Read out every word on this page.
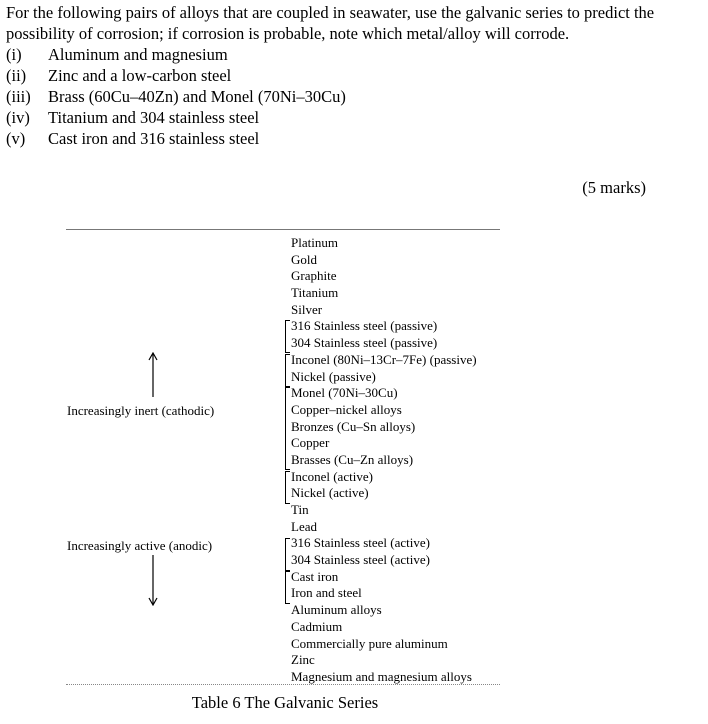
For the following pairs of alloys that are coupled in seawater, use the galvanic series to predict the possibility of corrosion; if corrosion is probable, note which metal/alloy will corrode.

(i) Aluminum and magnesium
(ii) Zinc and a low-carbon steel
(iii) Brass (60Cu–40Zn) and Monel (70Ni–30Cu)
(iv) Titanium and 304 stainless steel
(v) Cast iron and 316 stainless steel
(5 marks)
Platinum
Gold
Graphite
Titanium
Silver
316 Stainless steel (passive)
304 Stainless steel (passive)
Inconel (80Ni–13Cr–7Fe) (passive)
Nickel (passive)
Monel (70Ni–30Cu)
Copper–nickel alloys
Bronzes (Cu–Sn alloys)
Copper
Brasses (Cu–Zn alloys)
Inconel (active)
Nickel (active)
Tin
Lead
316 Stainless steel (active)
304 Stainless steel (active)
Cast iron
Iron and steel
Aluminum alloys
Cadmium
Commercially pure aluminum
Zinc
Magnesium and magnesium alloys
Increasingly inert (cathodic)
Increasingly active (anodic)
Table 6 The Galvanic Series
